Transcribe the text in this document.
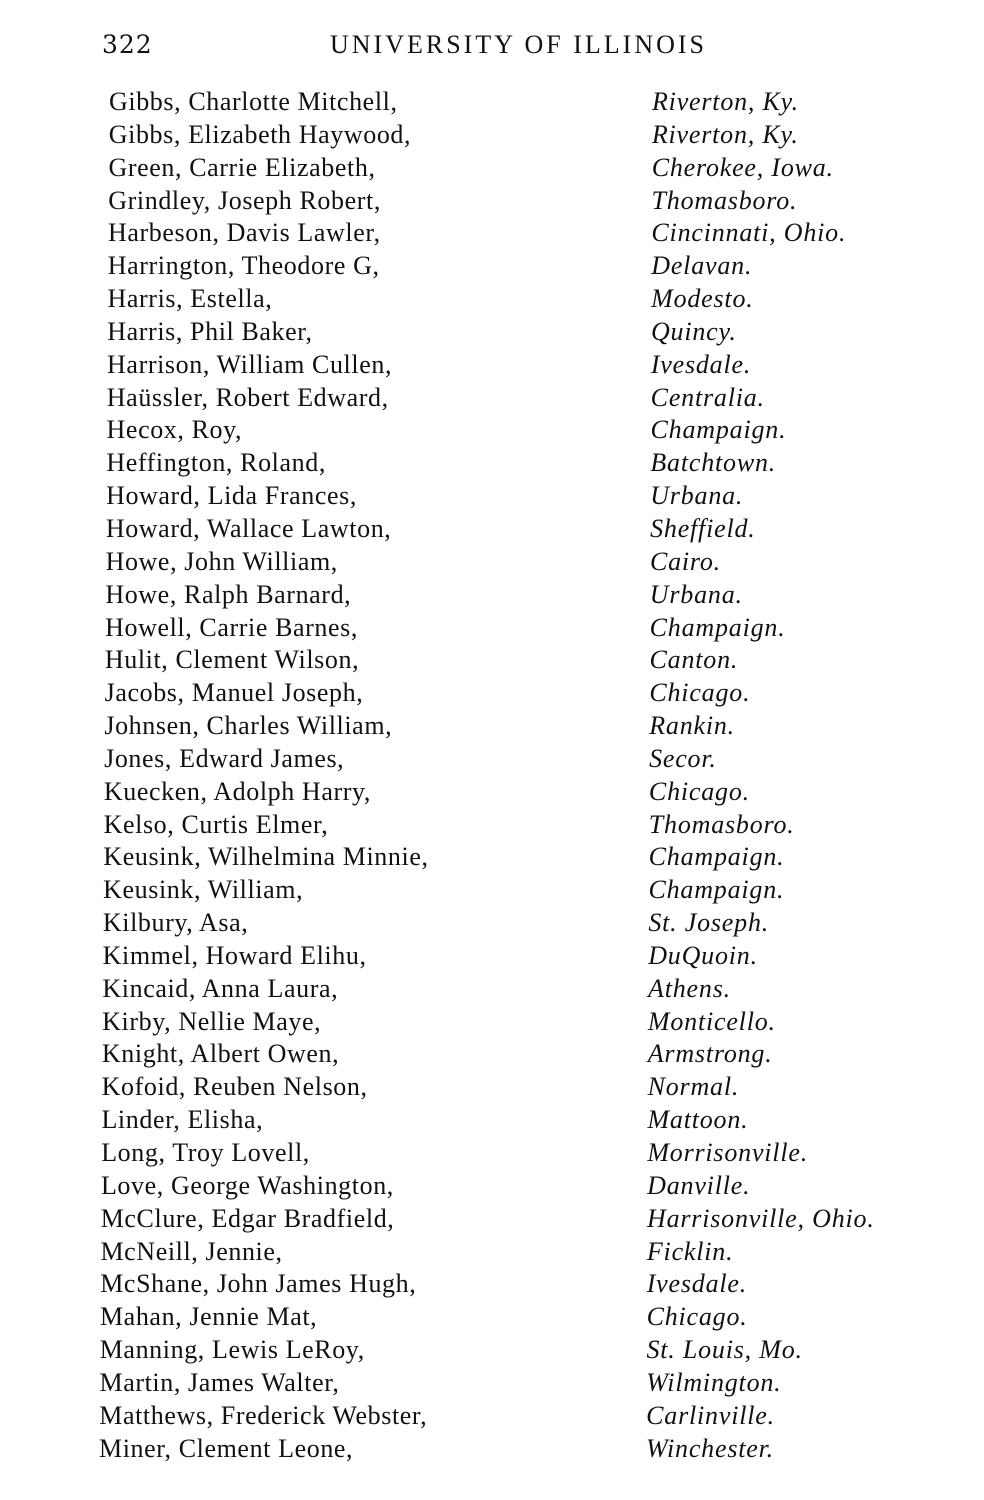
322	UNIVERSITY OF ILLINOIS
Gibbs, Charlotte Mitchell,	Riverton, Ky.
Gibbs, Elizabeth Haywood,	Riverton, Ky.
Green, Carrie Elizabeth,	Cherokee, Iowa.
Grindley, Joseph Robert,	Thomasboro.
Harbeson, Davis Lawler,	Cincinnati, Ohio.
Harrington, Theodore G,	Delavan.
Harris, Estella,	Modesto.
Harris, Phil Baker,	Quincy.
Harrison, William Cullen,	Ivesdale.
Haüssler, Robert Edward,	Centralia.
Hecox, Roy,	Champaign.
Heffington, Roland,	Batchtown.
Howard, Lida Frances,	Urbana.
Howard, Wallace Lawton,	Sheffield.
Howe, John William,	Cairo.
Howe, Ralph Barnard,	Urbana.
Howell, Carrie Barnes,	Champaign.
Hulit, Clement Wilson,	Canton.
Jacobs, Manuel Joseph,	Chicago.
Johnsen, Charles William,	Rankin.
Jones, Edward James,	Secor.
Kuecken, Adolph Harry,	Chicago.
Kelso, Curtis Elmer,	Thomasboro.
Keusink, Wilhelmina Minnie,	Champaign.
Keusink, William,	Champaign.
Kilbury, Asa,	St. Joseph.
Kimmel, Howard Elihu,	DuQuoin.
Kincaid, Anna Laura,	Athens.
Kirby, Nellie Maye,	Monticello.
Knight, Albert Owen,	Armstrong.
Kofoid, Reuben Nelson,	Normal.
Linder, Elisha,	Mattoon.
Long, Troy Lovell,	Morrisonville.
Love, George Washington,	Danville.
McClure, Edgar Bradfield,	Harrisonville, Ohio.
McNeill, Jennie,	Ficklin.
McShane, John James Hugh,	Ivesdale.
Mahan, Jennie Mat,	Chicago.
Manning, Lewis LeRoy,	St. Louis, Mo.
Martin, James Walter,	Wilmington.
Matthews, Frederick Webster,	Carlinville.
Miner, Clement Leone,	Winchester.
